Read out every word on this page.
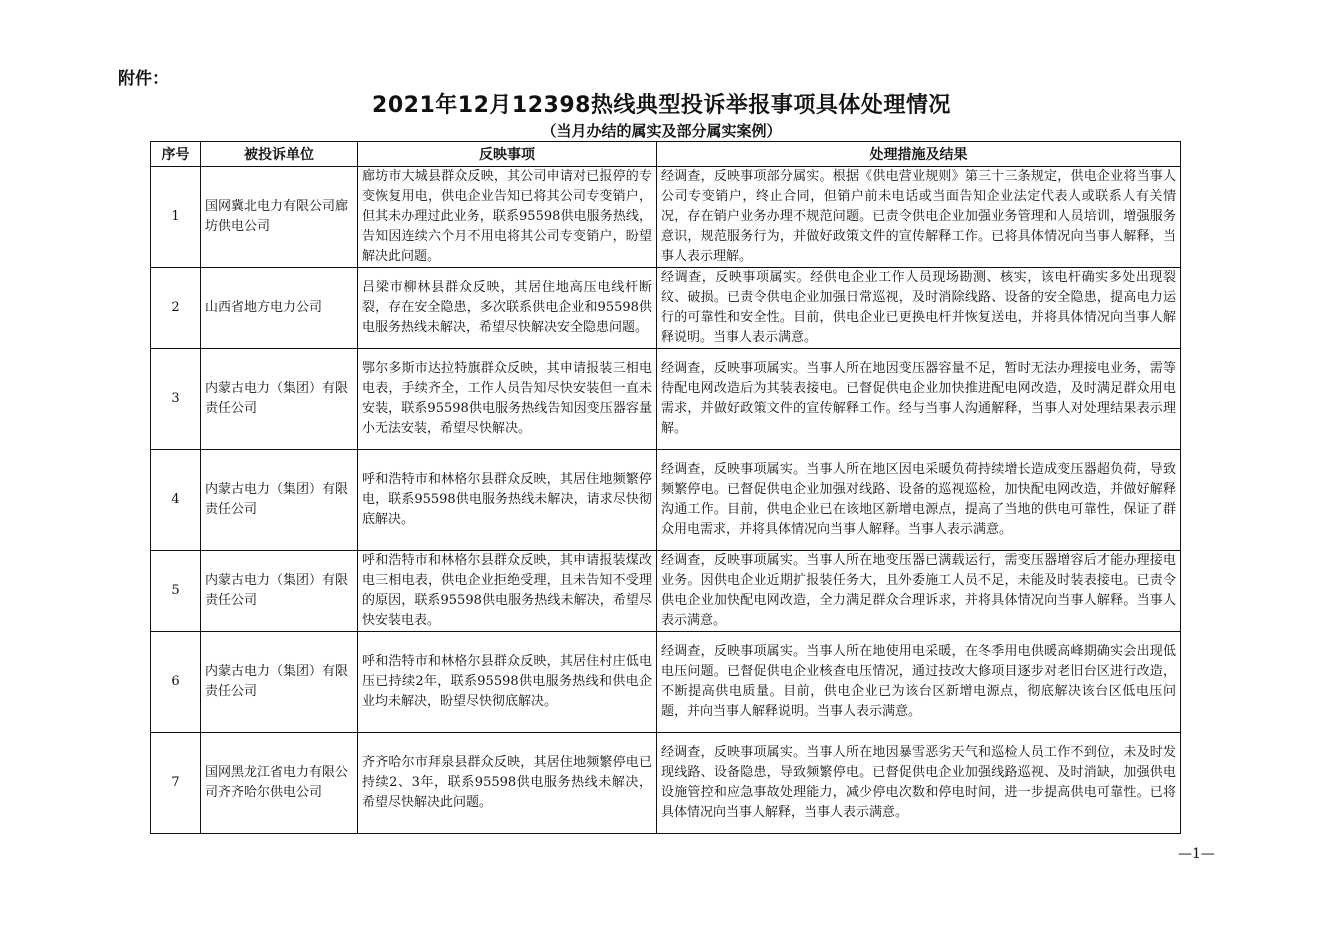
附件：
2021年12月12398热线典型投诉举报事项具体处理情况
（当月办结的属实及部分属实案例）
序号	被投诉单位	反映事项	处理措施及结果
1	国网冀北电力有限公司廊坊供电公司	廊坊市大城县群众反映，其公司申请对已报停的专变恢复用电，供电企业告知已将其公司专变销户，但其未办理过此业务，联系95598供电服务热线，告知因连续六个月不用电将其公司专变销户，盼望解决此问题。	经调查，反映事项部分属实。根据《供电营业规则》第三十三条规定，供电企业将当事人公司专变销户，终止合同，但销户前未电话或当面告知企业法定代表人或联系人有关情况，存在销户业务办理不规范问题。已责令供电企业加强业务管理和人员培训，增强服务意识，规范服务行为，并做好政策文件的宣传解释工作。已将具体情况向当事人解释，当事人表示理解。
2	山西省地方电力公司	吕梁市柳林县群众反映，其居住地高压电线杆断裂，存在安全隐患，多次联系供电企业和95598供电服务热线未解决，希望尽快解决安全隐患问题。	经调查，反映事项属实。经供电企业工作人员现场勘测、核实，该电杆确实多处出现裂纹、破损。已责令供电企业加强日常巡视，及时消除线路、设备的安全隐患，提高电力运行的可靠性和安全性。目前，供电企业已更换电杆并恢复送电，并将具体情况向当事人解释说明。当事人表示满意。
3	内蒙古电力（集团）有限责任公司	鄂尔多斯市达拉特旗群众反映，其申请报装三相电电表，手续齐全，工作人员告知尽快安装但一直未安装，联系95598供电服务热线告知因变压器容量小无法安装，希望尽快解决。	经调查，反映事项属实。当事人所在地因变压器容量不足，暂时无法办理接电业务，需等待配电网改造后为其装表接电。已督促供电企业加快推进配电网改造，及时满足群众用电需求，并做好政策文件的宣传解释工作。经与当事人沟通解释，当事人对处理结果表示理解。
4	内蒙古电力（集团）有限责任公司	呼和浩特市和林格尔县群众反映，其居住地频繁停电，联系95598供电服务热线未解决，请求尽快彻底解决。	经调查，反映事项属实。当事人所在地区因电采暖负荷持续增长造成变压器超负荷，导致频繁停电。已督促供电企业加强对线路、设备的巡视巡检，加快配电网改造，并做好解释沟通工作。目前，供电企业已在该地区新增电源点，提高了当地的供电可靠性，保证了群众用电需求，并将具体情况向当事人解释。当事人表示满意。
5	内蒙古电力（集团）有限责任公司	呼和浩特市和林格尔县群众反映，其申请报装煤改电三相电表，供电企业拒绝受理，且未告知不受理的原因，联系95598供电服务热线未解决，希望尽快安装电表。	经调查，反映事项属实。当事人所在地变压器已满载运行，需变压器增容后才能办理接电业务。因供电企业近期扩报装任务大，且外委施工人员不足，未能及时装表接电。已责令供电企业加快配电网改造，全力满足群众合理诉求，并将具体情况向当事人解释。当事人表示满意。
6	内蒙古电力（集团）有限责任公司	呼和浩特市和林格尔县群众反映，其居住村庄低电压已持续2年，联系95598供电服务热线和供电企业均未解决，盼望尽快彻底解决。	经调查，反映事项属实。当事人所在地使用电采暖，在冬季用电供暖高峰期确实会出现低电压问题。已督促供电企业核查电压情况，通过技改大修项目逐步对老旧台区进行改造，不断提高供电质量。目前，供电企业已为该台区新增电源点，彻底解决该台区低电压问题，并向当事人解释说明。当事人表示满意。
7	国网黑龙江省电力有限公司齐齐哈尔供电公司	齐齐哈尔市拜泉县群众反映，其居住地频繁停电已持续2、3年，联系95598供电服务热线未解决，希望尽快解决此问题。	经调查，反映事项属实。当事人所在地因暴雪恶劣天气和巡检人员工作不到位，未及时发现线路、设备隐患，导致频繁停电。已督促供电企业加强线路巡视、及时消缺，加强供电设施管控和应急事故处理能力，减少停电次数和停电时间，进一步提高供电可靠性。已将具体情况向当事人解释，当事人表示满意。
—1—
